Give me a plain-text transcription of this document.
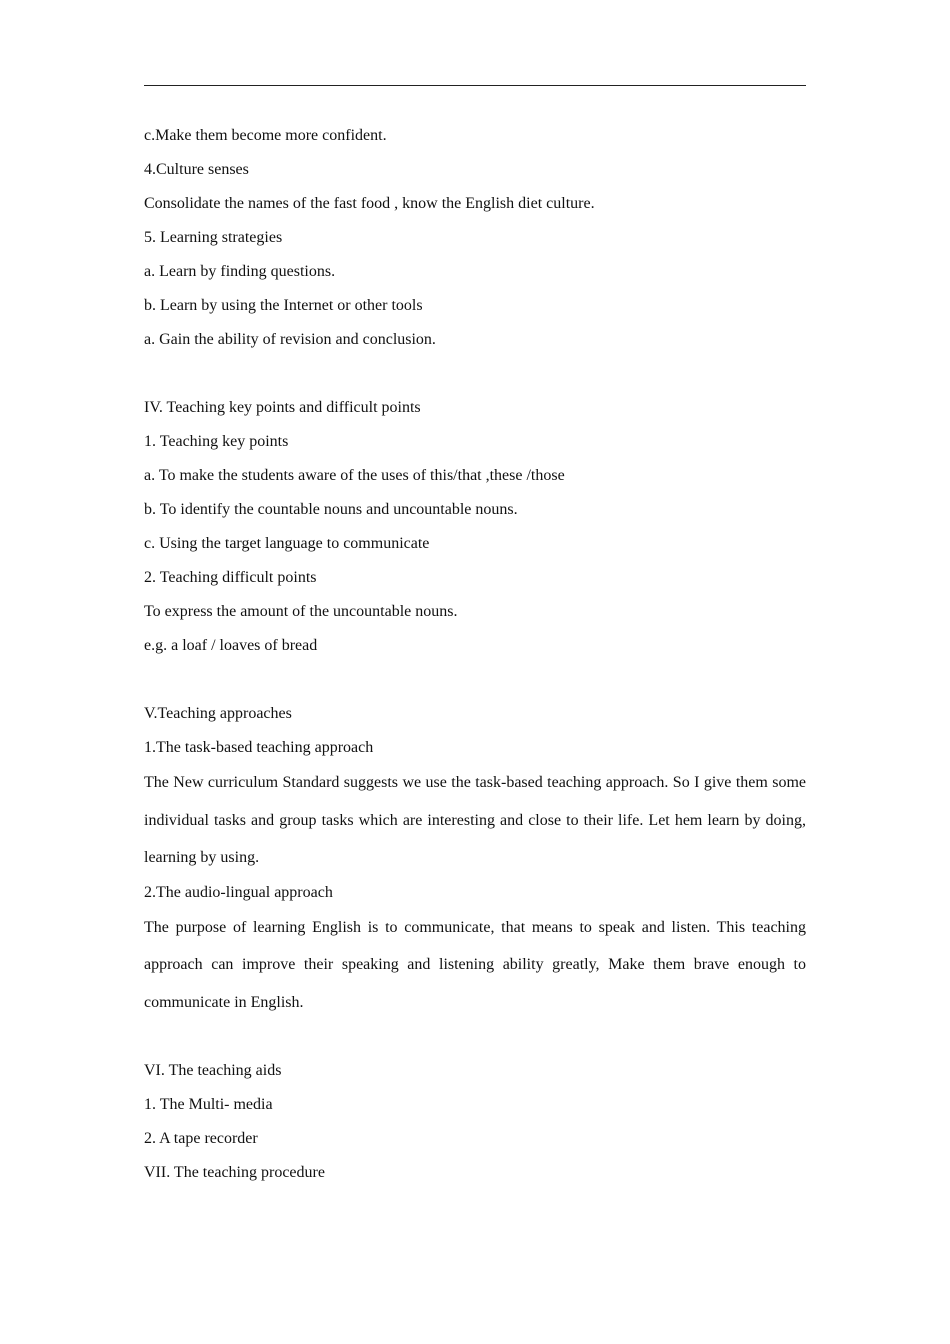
c.Make them become more confident.
4.Culture senses
Consolidate the names of the fast food , know the English diet culture.
5. Learning strategies
a. Learn by finding questions.
b. Learn by using the Internet or other tools
a. Gain the ability of revision and conclusion.
IV. Teaching key points and difficult points
1. Teaching key points
a. To make the students aware of the uses of this/that ,these /those
b. To identify the countable nouns and uncountable nouns.
c. Using the target language to communicate
2. Teaching difficult points
To express the amount of the uncountable nouns.
e.g. a loaf / loaves of bread
V.Teaching approaches
1.The task-based teaching approach
The New curriculum Standard suggests we use the task-based teaching approach. So I give them some individual tasks and group tasks which are interesting and close to their life. Let hem learn by doing, learning by using.
2.The audio-lingual approach
The purpose of learning English is to communicate, that means to speak and listen. This teaching approach can improve their speaking and listening ability greatly, Make them brave enough to communicate in English.
VI. The teaching aids
1. The Multi- media
2. A tape recorder
VII. The teaching procedure
